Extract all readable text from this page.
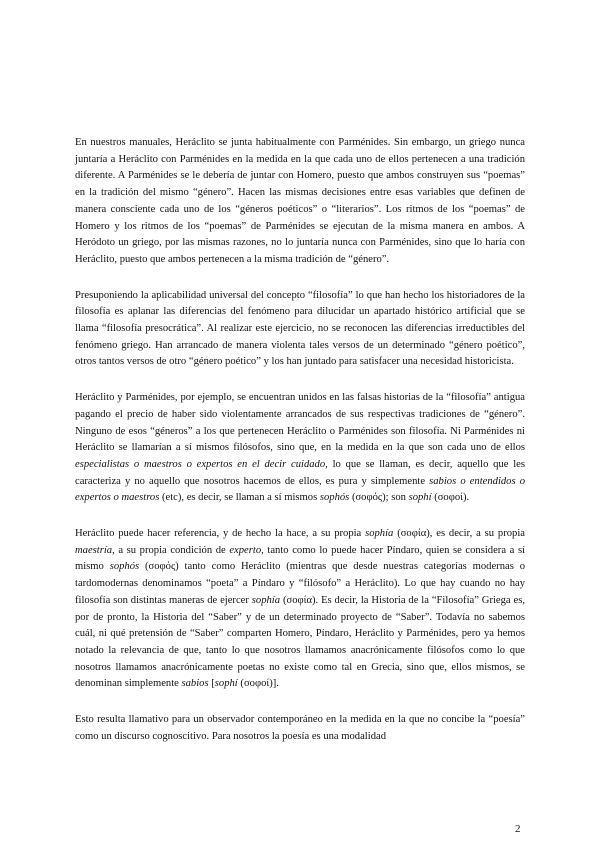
En nuestros manuales, Heráclito se junta habitualmente con Parménides. Sin embargo, un griego nunca juntaría a Heráclito con Parménides en la medida en la que cada uno de ellos pertenecen a una tradición diferente. A Parménides se le debería de juntar con Homero, puesto que ambos construyen sus “poemas” en la tradición del mismo “género”. Hacen las mismas decisiones entre esas variables que definen de manera consciente cada uno de los “géneros poéticos” o “literarios”. Los ritmos de los “poemas” de Homero y los ritmos de los “poemas” de Parménides se ejecutan de la misma manera en ambos. A Heródoto un griego, por las mismas razones, no lo juntaría nunca con Parménides, sino que lo haría con Heráclito, puesto que ambos pertenecen a la misma tradición de “género”.

Presuponiendo la aplicabilidad universal del concepto “filosofía” lo que han hecho los historiadores de la filosofía es aplanar las diferencias del fenómeno para dilucidar un apartado histórico artificial que se llama “filosofía presocrática”. Al realizar este ejercicio, no se reconocen las diferencias irreductibles del fenómeno griego. Han arrancado de manera violenta tales versos de un determinado “género poético”, otros tantos versos de otro “género poético” y los han juntado para satisfacer una necesidad historicista.

Heráclito y Parménides, por ejemplo, se encuentran unidos en las falsas historias de la “filosofía” antigua pagando el precio de haber sido violentamente arrancados de sus respectivas tradiciones de “género”. Ninguno de esos “géneros” a los que pertenecen Heráclito o Parménides son filosofía. Ni Parménides ni Heráclito se llamarían a sí mismos filósofos, sino que, en la medida en la que son cada uno de ellos especialistas o maestros o expertos en el decir cuidado, lo que se llaman, es decir, aquello que les caracteriza y no aquello que nosotros hacemos de ellos, es pura y simplemente sabios o entendidos o expertos o maestros (etc), es decir, se llaman a sí mismos sophós (σοφός); son sophí (σοφοί).

Heráclito puede hacer referencia, y de hecho la hace, a su propia sophía (σοφία), es decir, a su propia maestría, a su propia condición de experto, tanto como lo puede hacer Píndaro, quien se considera a sí mismo sophós (σοφός) tanto como Heráclito (mientras que desde nuestras categorías modernas o tardomodernas denominamos “poeta” a Píndaro y “filósofo” a Heráclito). Lo que hay cuando no hay filosofía son distintas maneras de ejercer sophía (σοφία). Es decir, la Historia de la “Filosofía” Griega es, por de pronto, la Historia del “Saber” y de un determinado proyecto de “Saber”. Todavía no sabemos cuál, ni qué pretensión de “Saber” comparten Homero, Píndaro, Heráclito y Parménides, pero ya hemos notado la relevancia de que, tanto lo que nosotros llamamos anacrónicamente filósofos como lo que nosotros llamamos anacrónicamente poetas no existe como tal en Grecia, sino que, ellos mismos, se denominan simplemente sabios [sophí (σοφοί)].

Esto resulta llamativo para un observador contemporáneo en la medida en la que no concibe la “poesía” como un discurso cognoscitivo. Para nosotros la poesía es una modalidad

2
